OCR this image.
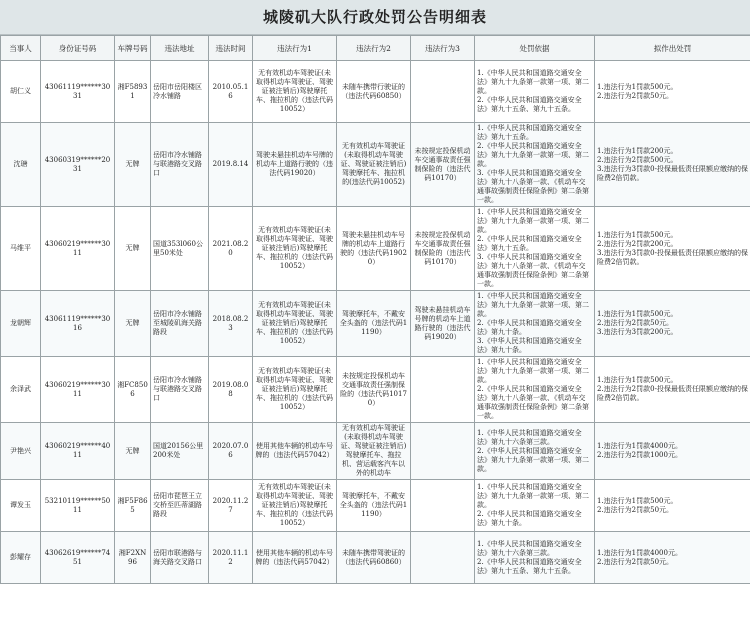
城陵矶大队行政处罚公告明细表
当事人	身份证号码	车牌号码	违法地址	违法时间	违法行为1	违法行为2	违法行为3	处罚依据	拟作出处罚
胡仁义	43061119******3031	湘F58931	岳阳市岳阳楼区冷水铺路	2010.05.16	无有效机动车驾驶证(未取得机动车驾驶证、驾驶证被注销后)驾驶摩托车、拖拉机的（违法代码10052）	未随车携带行驶证的（违法代码60850）		1.《中华人民共和国道路交通安全法》第九十九条第一款第一项、第二款。
2.《中华人民共和国道路交通安全法》第九十五条、第九十五条。	1.违法行为1罚款500元。
2.违法行为2罚款50元。
沈瑭	43060319******2031	无牌	岳阳市冷水铺路与联港路交叉路口	2019.8.14	驾驶未悬挂机动车号牌的机动车上道路行驶的（违法代码19020）	无有效机动车驾驶证(未取得机动车驾驶证、驾驶证被注销后)驾驶摩托车、拖拉机的(违法代码10052)	未按规定投保机动车交通事故责任强制保险的（违法代码10170）	1.《中华人民共和国道路交通安全法》第九十五条。
2.《中华人民共和国道路交通安全法》第九十九条第一款第一项、第二款。
3.《中华人民共和国道路交通安全法》第九十八条第一款、《机动车交通事故强制责任保险条例》第二条第一款。	1.违法行为1罚款200元。
2.违法行为2罚款500元。
3.违法行为3罚款0-投保最低责任限额应缴纳的保险费2倍罚款。
马维平	43060219******3011	无牌	国道353l060公里50米处	2021.08.20	无有效机动车驾驶证(未取得机动车驾驶证、驾驶证被注销后)驾驶摩托车、拖拉机的（违法代码10052）	驾驶未悬挂机动车号牌的机动车上道路行驶的（违法代码19020）	未按规定投保机动车交通事故责任强制保险的（违法代码10170）	1.《中华人民共和国道路交通安全法》第九十九条第一款第一项、第二款。
2.《中华人民共和国道路交通安全法》第九十五条。
3.《中华人民共和国道路交通安全法》第九十八条第一款、《机动车交通事故强制责任保险条例》第二条第一款。	1.违法行为1罚款500元。
2.违法行为2罚款200元。
3.违法行为3罚款0-投保最低责任限额应缴纳的保险费2倍罚款。
龙朝辉	43061119******3016	无牌	岳阳市冷水铺路至城陵矶海关路路段	2018.08.23	无有效机动车驾驶证(未取得机动车驾驶证、驾驶证被注销后)驾驶摩托车、拖拉机的（违法代码10052）	驾驶摩托车，不戴安全头盔的（违法代码11190）	驾驶未悬挂机动车号牌的机动车上道路行驶的（违法代码19020）	1.《中华人民共和国道路交通安全法》第九十九条第一款第一项、第二款。
2.《中华人民共和国道路交通安全法》第九十条。
3.《中华人民共和国道路交通安全法》第九十条。	1.违法行为1罚款500元。
2.违法行为2罚款50元。
3.违法行为3罚款200元。
余泽武	43060219******3011	湘FC8506	岳阳市冷水铺路与联港路交叉路口	2019.08.08	无有效机动车驾驶证(未取得机动车驾驶证、驾驶证被注销后)驾驶摩托车、拖拉机的（违法代码10052）	未按规定投保机动车交通事故责任强制保险的（违法代码10170）		1.《中华人民共和国道路交通安全法》第九十九条第一款第一项、第二款。
2.《中华人民共和国道路交通安全法》第九十八条第一款、《机动车交通事故强制责任保险条例》第二条第一款。	1.违法行为1罚款500元。
2.违法行为2罚款0-投保最低责任限额应缴纳的保险费2倍罚款。
尹艳兴	43060219******4011	无牌	国道20156公里200米处	2020.07.06	使用其他车辆的机动车号牌的（违法代码57042）	无有效机动车驾驶证(未取得机动车驾驶证、驾驶证被注销后)驾驶摩托车、拖拉机、营运载客汽车以外的机动车		1.《中华人民共和国道路交通安全法》第九十六条第三款。
2.《中华人民共和国道路交通安全法》第九十九条第一款第一项、第二款。	1.违法行为1罚款4000元。
2.违法行为2罚款1000元。
谭发玉	53210119******5011	湘F5F865	岳阳市琵琶王立交桥至匹蒂湖路路段	2020.11.27	无有效机动车驾驶证(未取得机动车驾驶证、驾驶证被注销后)驾驶摩托车、拖拉机的（违法代码10052）	驾驶摩托车，不戴安全头盔的（违法代码11190）		1.《中华人民共和国道路交通安全法》第九十九条第一款第一项、第二款。
2.《中华人民共和国道路交通安全法》第九十条。	1.违法行为1罚款500元。
2.违法行为2罚款50元。
彭耀存	43062619******7451	湘F2XN96	岳阳市联港路与海关路交叉路口	2020.11.12	使用其他车辆的机动车号牌的（违法代码57042）	未随车携带驾驶证的（违法代码60860）		1.《中华人民共和国道路交通安全法》第九十六条第三款。
2.《中华人民共和国道路交通安全法》第九十五条、第九十五条。	1.违法行为1罚款4000元。
2.违法行为2罚款50元。
